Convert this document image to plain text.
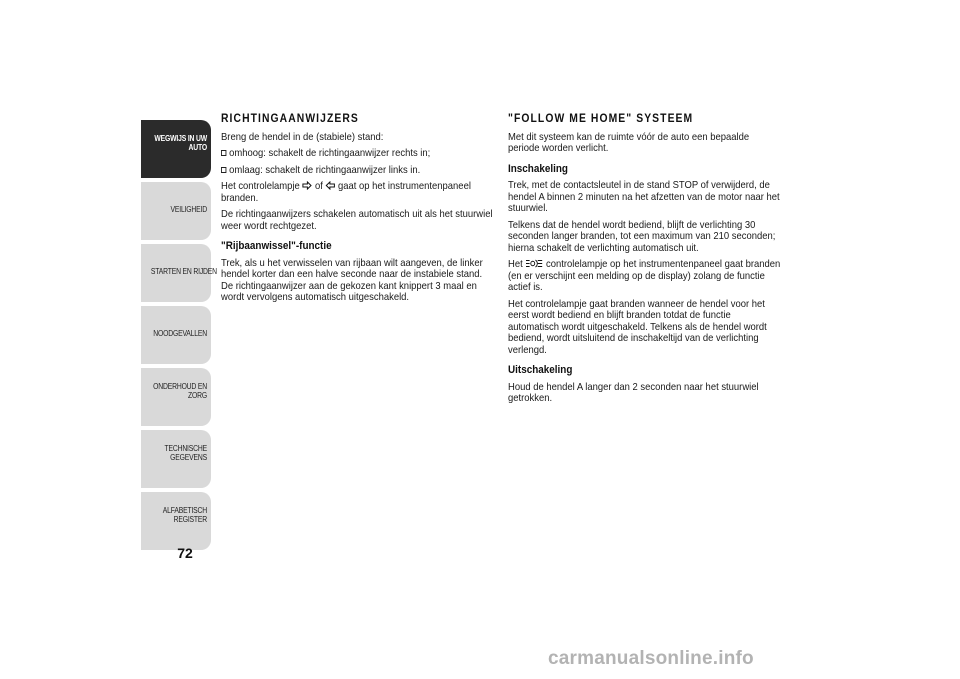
WEGWIJS IN UW
AUTO
VEILIGHEID
STARTEN EN RIJDEN
NOODGEVALLEN
ONDERHOUD EN
ZORG
TECHNISCHE
GEGEVENS
ALFABETISCH
REGISTER
72
RICHTINGAANWIJZERS

Breng de hendel in de (stabiele) stand:

omhoog: schakelt de richtingaanwijzer rechts in;

omlaag: schakelt de richtingaanwijzer links in.

Het controlelampje of gaat op het instrumentenpaneel branden.

De richtingaanwijzers schakelen automatisch uit als het stuurwiel weer wordt rechtgezet.

"Rijbaanwissel"-functie

Trek, als u het verwisselen van rijbaan wilt aangeven, de linker hendel korter dan een halve seconde naar de instabiele stand. De richtingaanwijzer aan de gekozen kant knippert 3 maal en wordt vervolgens automatisch uitgeschakeld.

"FOLLOW ME HOME" SYSTEEM

Met dit systeem kan de ruimte vóór de auto een bepaalde periode worden verlicht.

Inschakeling

Trek, met de contactsleutel in de stand STOP of verwijderd, de hendel A binnen 2 minuten na het afzetten van de motor naar het stuurwiel.

Telkens dat de hendel wordt bediend, blijft de verlichting 30 seconden langer branden, tot een maximum van 210 seconden; hierna schakelt de verlichting automatisch uit.

Het controlelampje op het instrumentenpaneel gaat branden (en er verschijnt een melding op de display) zolang de functie actief is.

Het controlelampje gaat branden wanneer de hendel voor het eerst wordt bediend en blijft branden totdat de functie automatisch wordt uitgeschakeld. Telkens als de hendel wordt bediend, wordt uitsluitend de inschakeltijd van de verlichting verlengd.

Uitschakeling

Houd de hendel A langer dan 2 seconden naar het stuurwiel getrokken.

carmanualsonline.info
